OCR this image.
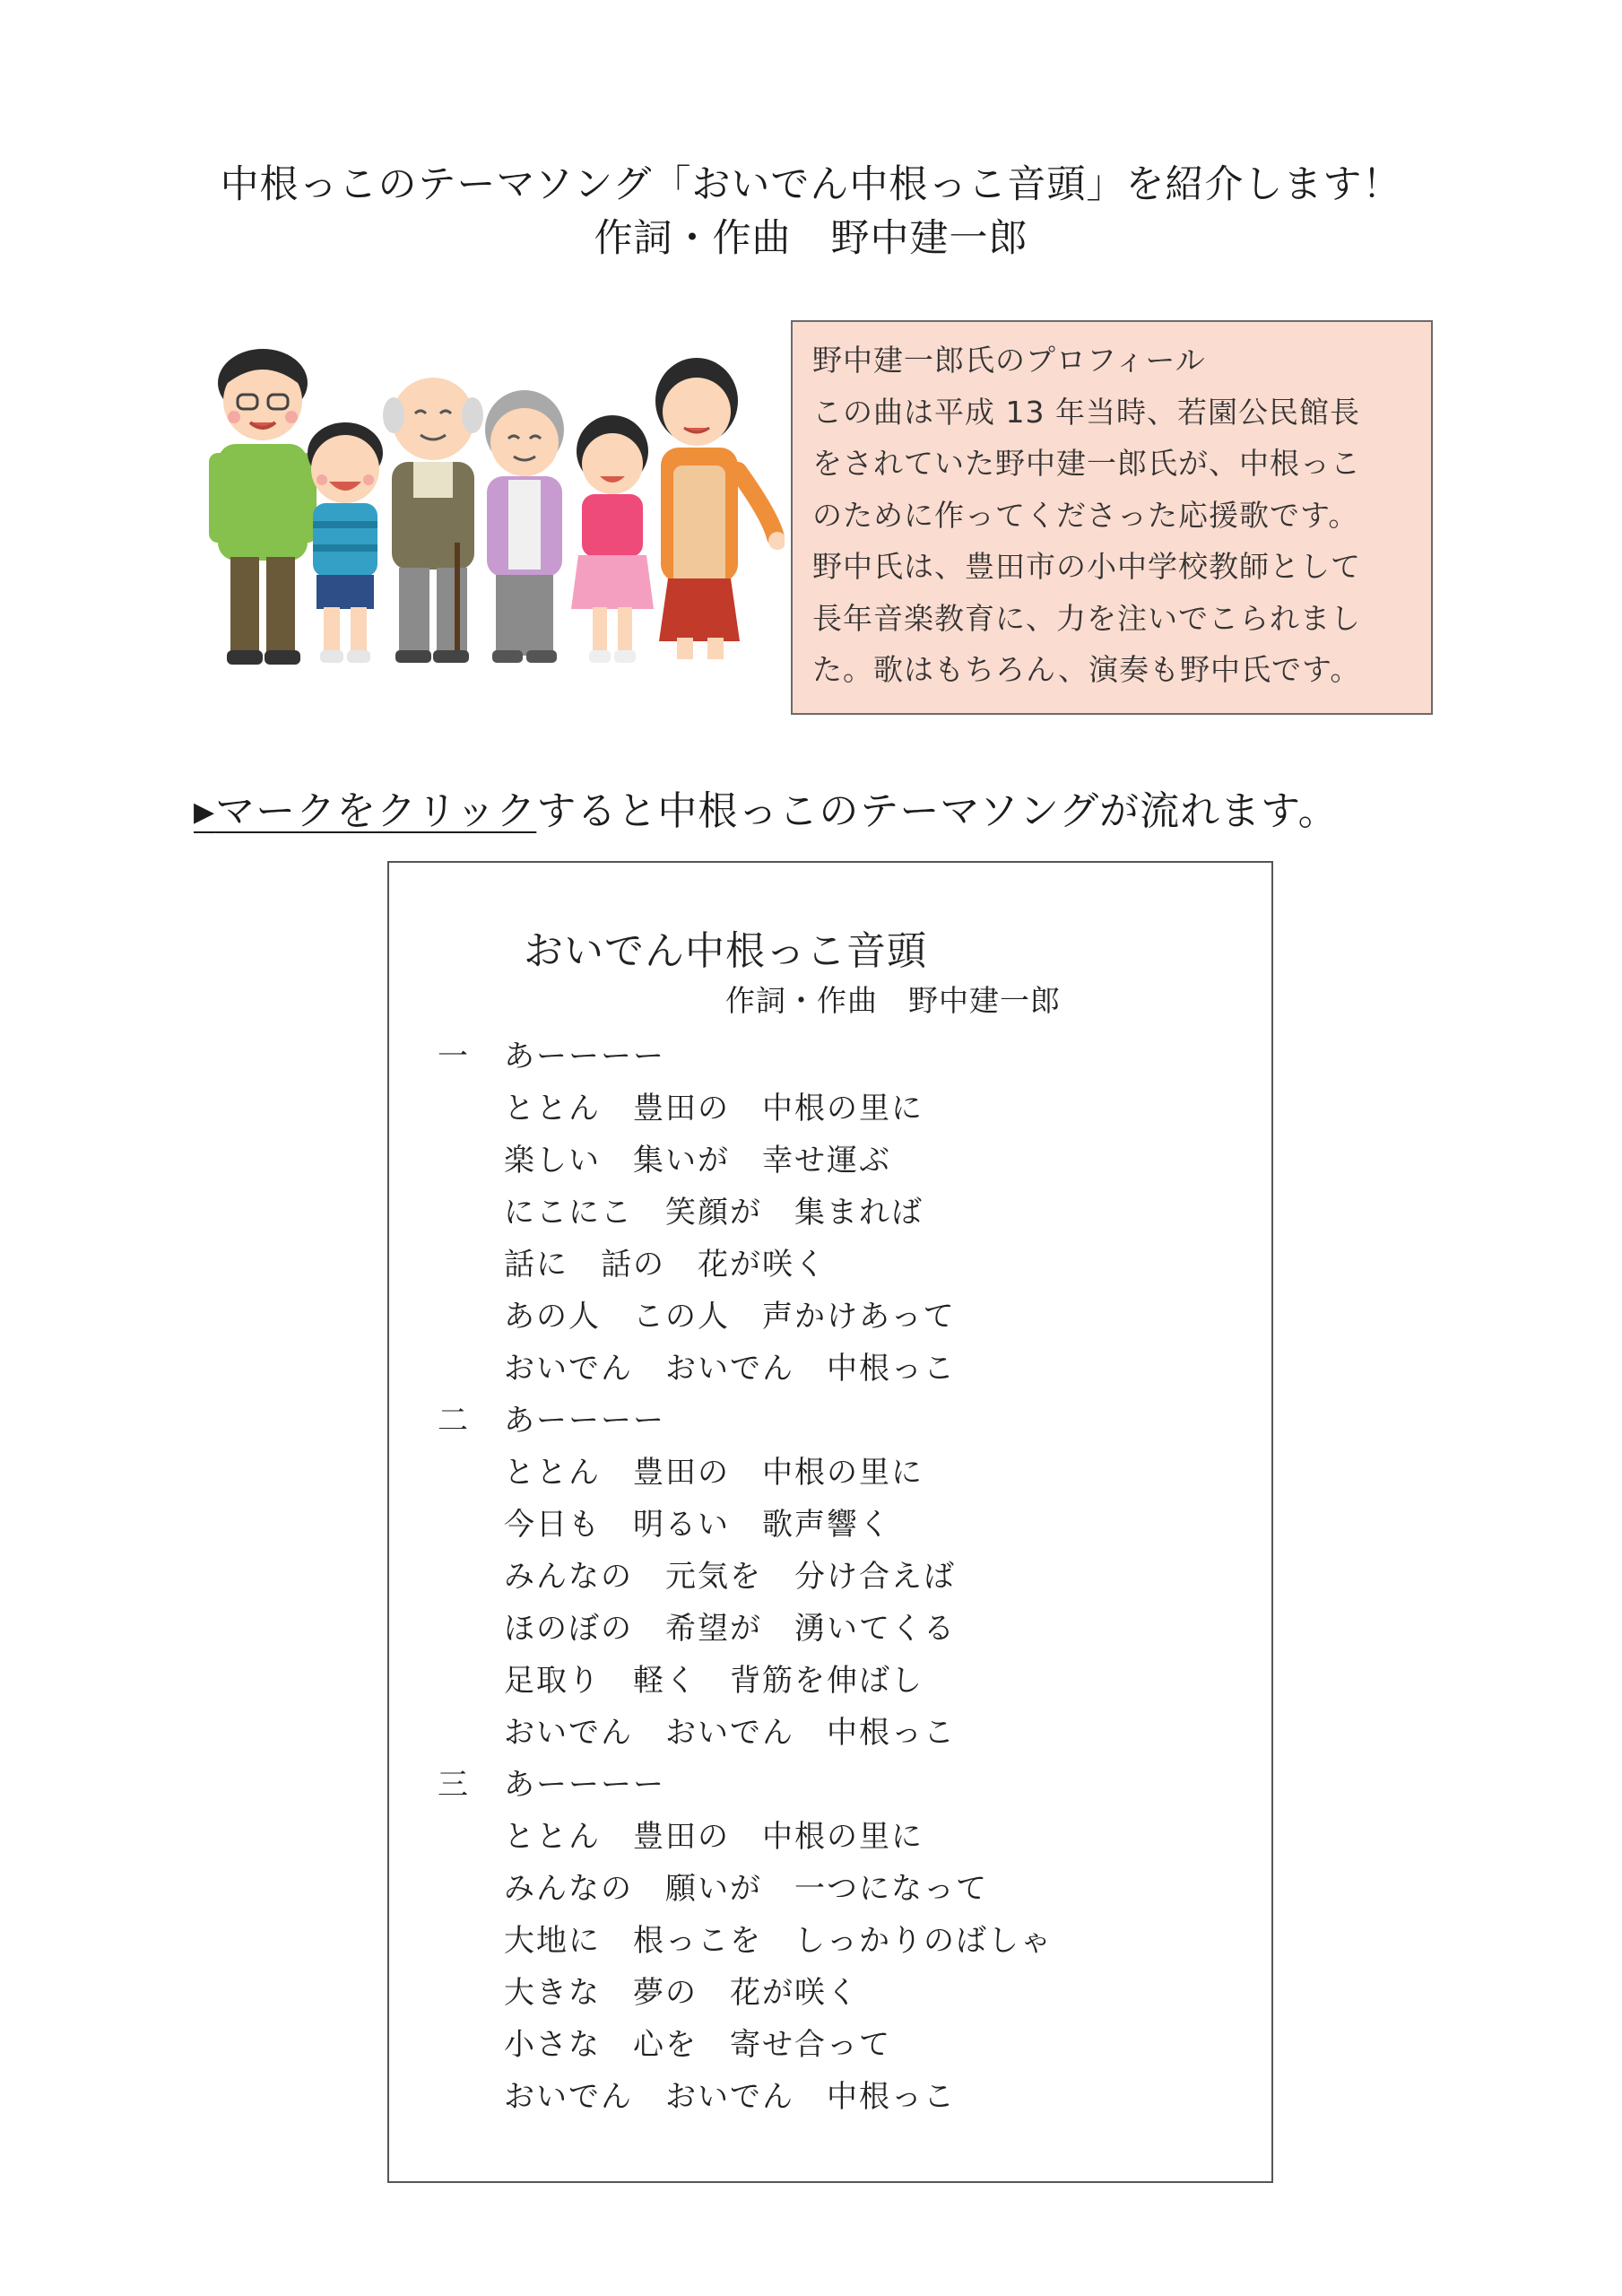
中根っこのテーマソング「おいでん中根っこ音頭」を紹介します！
作詞・作曲　野中建一郎
野中建一郎氏のプロフィール
この曲は平成 13 年当時、若園公民館長
をされていた野中建一郎氏が、中根っこ
のために作ってくださった応援歌です。
野中氏は、豊田市の小中学校教師として
長年音楽教育に、力を注いでこられまし
た。歌はもちろん、演奏も野中氏です。
▶マークをクリックすると中根っこのテーマソングが流れます。
おいでん中根っこ音頭
作詞・作曲　野中建一郎
一 あーーーー
ととん　豊田の　中根の里に
楽しい　集いが　幸せ運ぶ
にこにこ　笑顔が　集まれば
話に　話の　花が咲く
あの人　この人　声かけあって
おいでん　おいでん　中根っこ
二 あーーーー
ととん　豊田の　中根の里に
今日も　明るい　歌声響く
みんなの　元気を　分け合えば
ほのぼの　希望が　湧いてくる
足取り　軽く　背筋を伸ばし
おいでん　おいでん　中根っこ
三 あーーーー
ととん　豊田の　中根の里に
みんなの　願いが　一つになって
大地に　根っこを　しっかりのばしゃ
大きな　夢の　花が咲く
小さな　心を　寄せ合って
おいでん　おいでん　中根っこ
